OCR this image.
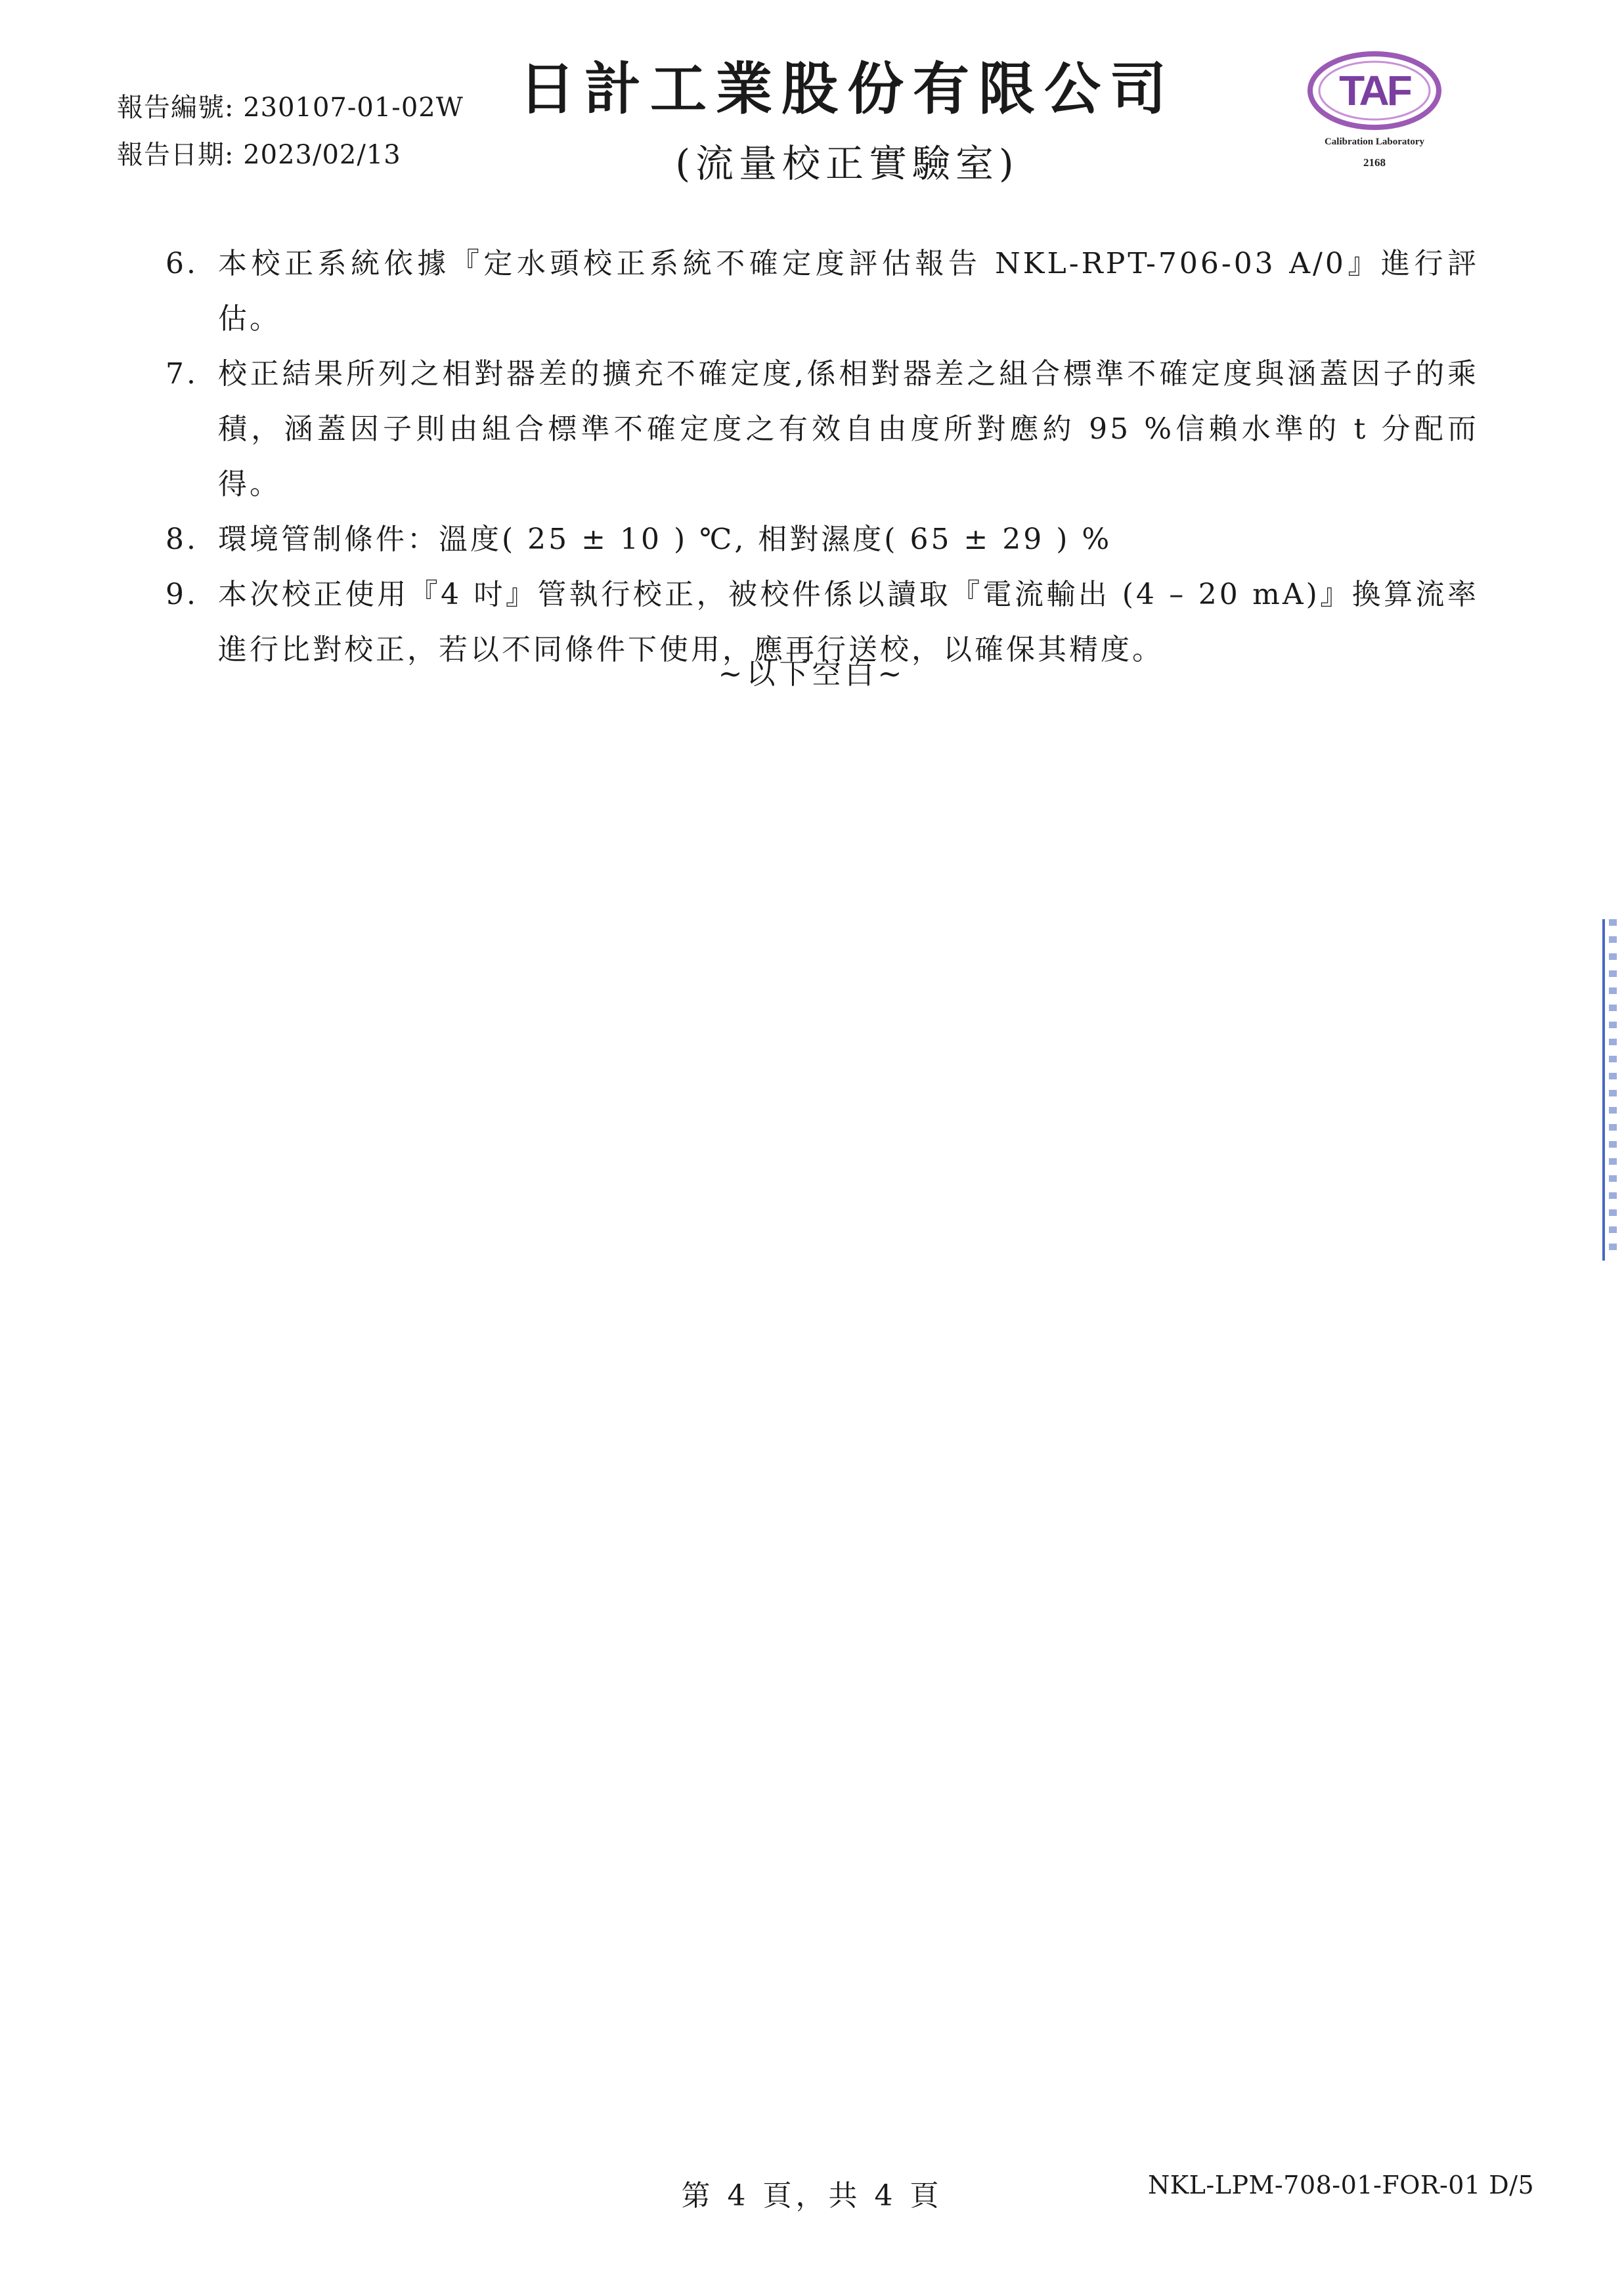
報告編號: 230107-01-02W
報告日期: 2023/02/13
日計工業股份有限公司
(流量校正實驗室)
TAF
Calibration Laboratory
2168
6. 本校正系統依據『定水頭校正系統不確定度評估報告 NKL-RPT-706-03 A/0』進行評估。
7. 校正結果所列之相對器差的擴充不確定度,係相對器差之組合標準不確定度與涵蓋因子的乘積，涵蓋因子則由組合標準不確定度之有效自由度所對應約 95 %信賴水準的 t 分配而得。
8. 環境管制條件：溫度( 25 ± 10 ) ℃, 相對濕度( 65 ± 29 ) %
9. 本次校正使用『4 吋』管執行校正，被校件係以讀取『電流輸出 (4 – 20 mA)』換算流率進行比對校正，若以不同條件下使用，應再行送校，以確保其精度。
~以下空白~
第 4 頁，共 4 頁	NKL-LPM-708-01-FOR-01 D/5
